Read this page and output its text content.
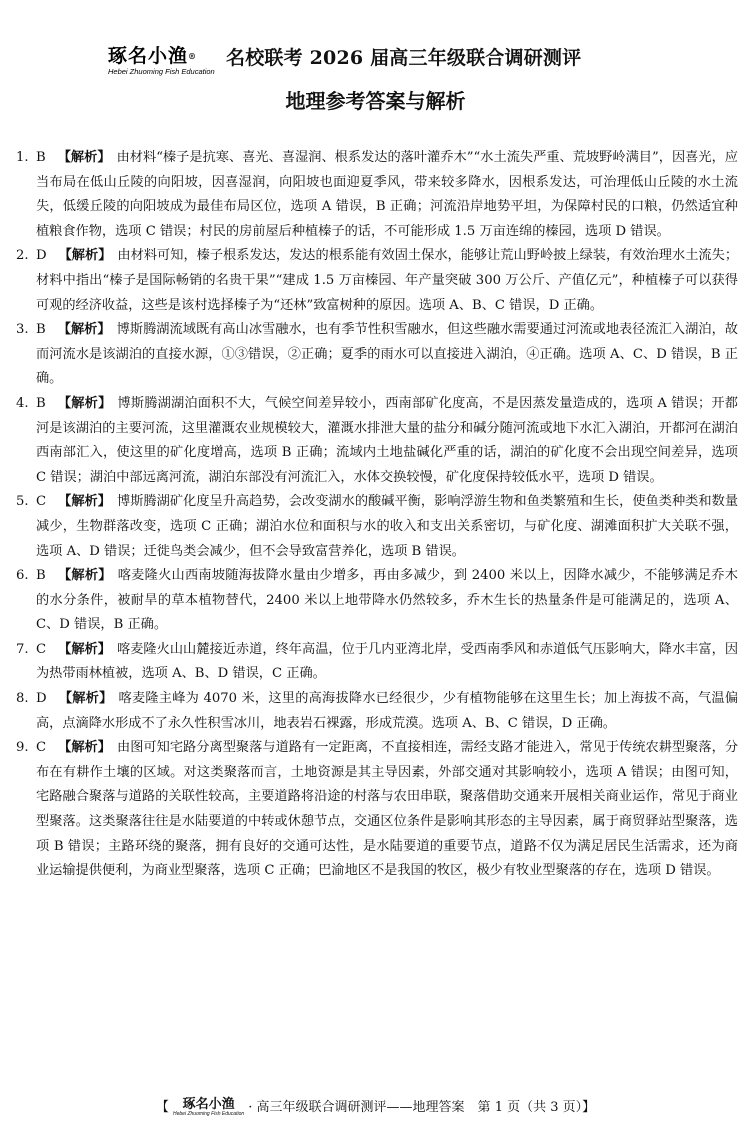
琢名小渔®
Hebei Zhuoming Fish Education
名校联考 2026 届高三年级联合调研测评
地理参考答案与解析

1. B 【解析】 由材料“榛子是抗寒、喜光、喜湿润、根系发达的落叶灌乔木”“水土流失严重、荒坡野岭满目”，因喜光，应当布局在低山丘陵的向阳坡，因喜湿润，向阳坡也面迎夏季风，带来较多降水，因根系发达，可治理低山丘陵的水土流失，低缓丘陵的向阳坡成为最佳布局区位，选项 A 错误，B 正确；河流沿岸地势平坦，为保障村民的口粮，仍然适宜种植粮食作物，选项 C 错误；村民的房前屋后种植榛子的话，不可能形成 1.5 万亩连绵的榛园，选项 D 错误。

2. D 【解析】 由材料可知，榛子根系发达，发达的根系能有效固土保水，能够让荒山野岭披上绿装，有效治理水土流失；材料中指出“榛子是国际畅销的名贵干果”“建成 1.5 万亩榛园、年产量突破 300 万公斤、产值亿元”，种植榛子可以获得可观的经济收益，这些是该村选择榛子为“还林”致富树种的原因。选项 A、B、C 错误，D 正确。

3. B 【解析】 博斯腾湖流域既有高山冰雪融水，也有季节性积雪融水，但这些融水需要通过河流或地表径流汇入湖泊，故而河流水是该湖泊的直接水源，①③错误，②正确；夏季的雨水可以直接进入湖泊，④正确。选项 A、C、D 错误，B 正确。

4. B 【解析】 博斯腾湖湖泊面积不大，气候空间差异较小，西南部矿化度高，不是因蒸发量造成的，选项 A 错误；开都河是该湖泊的主要河流，这里灌溉农业规模较大，灌溉水排泄大量的盐分和碱分随河流或地下水汇入湖泊，开都河在湖泊西南部汇入，使这里的矿化度增高，选项 B 正确；流域内土地盐碱化严重的话，湖泊的矿化度不会出现空间差异，选项 C 错误；湖泊中部远离河流，湖泊东部没有河流汇入，水体交换较慢，矿化度保持较低水平，选项 D 错误。

5. C 【解析】 博斯腾湖矿化度呈升高趋势，会改变湖水的酸碱平衡，影响浮游生物和鱼类繁殖和生长，使鱼类种类和数量减少，生物群落改变，选项 C 正确；湖泊水位和面积与水的收入和支出关系密切，与矿化度、湖滩面积扩大关联不强，选项 A、D 错误；迁徙鸟类会减少，但不会导致富营养化，选项 B 错误。

6. B 【解析】 喀麦隆火山西南坡随海拔降水量由少增多，再由多减少，到 2400 米以上，因降水减少，不能够满足乔木的水分条件，被耐旱的草本植物替代，2400 米以上地带降水仍然较多，乔木生长的热量条件是可能满足的，选项 A、C、D 错误，B 正确。

7. C 【解析】 喀麦隆火山山麓接近赤道，终年高温，位于几内亚湾北岸，受西南季风和赤道低气压影响大，降水丰富，因为热带雨林植被，选项 A、B、D 错误，C 正确。

8. D 【解析】 喀麦隆主峰为 4070 米，这里的高海拔降水已经很少，少有植物能够在这里生长；加上海拔不高，气温偏高，点滴降水形成不了永久性积雪冰川，地表岩石裸露，形成荒漠。选项 A、B、C 错误，D 正确。

9. C 【解析】 由图可知宅路分离型聚落与道路有一定距离，不直接相连，需经支路才能进入，常见于传统农耕型聚落，分布在有耕作土壤的区域。对这类聚落而言，土地资源是其主导因素，外部交通对其影响较小，选项 A 错误；由图可知，宅路融合聚落与道路的关联性较高，主要道路将沿途的村落与农田串联，聚落借助交通来开展相关商业运作，常见于商业型聚落。这类聚落往往是水陆要道的中转或休憩节点，交通区位条件是影响其形态的主导因素，属于商贸驿站型聚落，选项 B 错误；主路环绕的聚落，拥有良好的交通可达性，是水陆要道的重要节点，道路不仅为满足居民生活需求，还为商业运输提供便利，为商业型聚落，选项 C 正确；巴渝地区不是我国的牧区，极少有牧业型聚落的存在，选项 D 错误。

【 琢名小渔
Hebei Zhuoming Fish Education · 高三年级联合调研测评——地理答案　第 1 页（共 3 页）】
